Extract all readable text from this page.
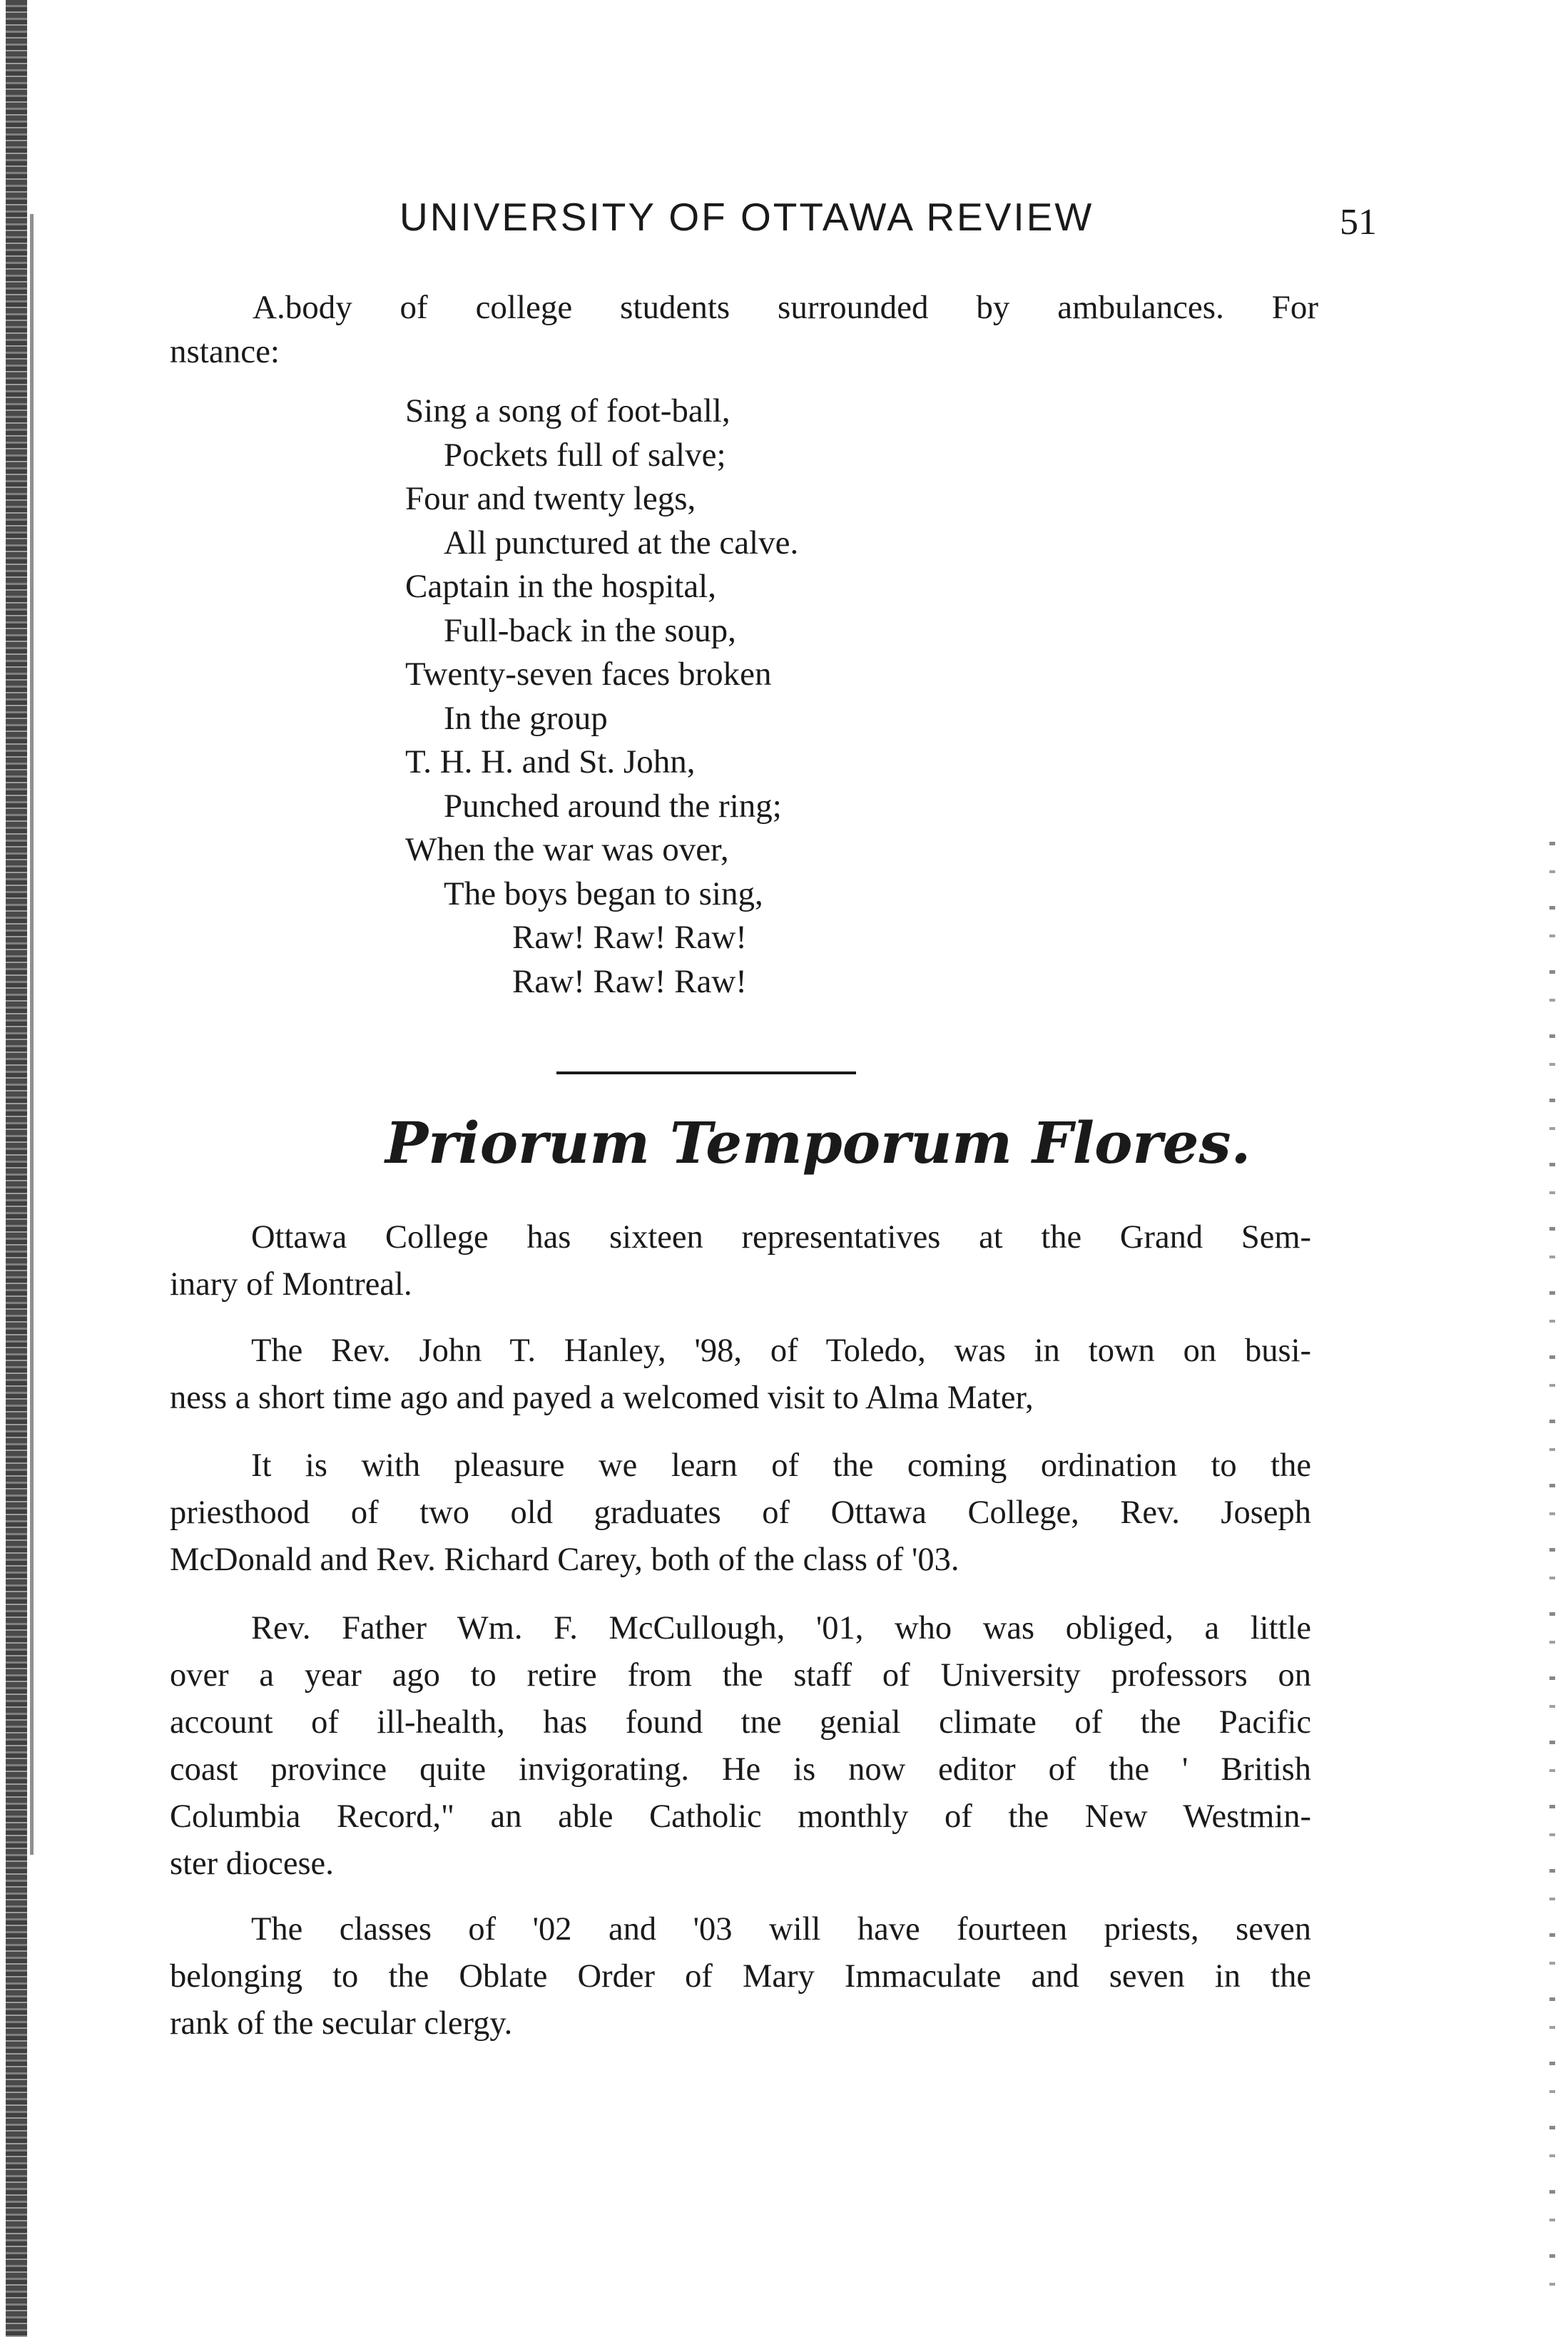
UNIVERSITY OF OTTAWA REVIEW	51
A.body of college students surrounded by ambulances. For
nstance:
Sing a song of foot-ball,
Pockets full of salve;
Four and twenty legs,
All punctured at the calve.
Captain in the hospital,
Full-back in the soup,
Twenty-seven faces broken
In the group
T. H. H. and St. John,
Punched around the ring;
When the war was over,
The boys began to sing,
Raw! Raw! Raw!
Raw! Raw! Raw!
Priorum Temporum Flores.
Ottawa College has sixteen representatives at the Grand Sem-
inary of Montreal.
The Rev. John T. Hanley, '98, of Toledo, was in town on busi-
ness a short time ago and payed a welcomed visit to Alma Mater,
It is with pleasure we learn of the coming ordination to the
priesthood of two old graduates of Ottawa College, Rev. Joseph
McDonald and Rev. Richard Carey, both of the class of '03.
Rev. Father Wm. F. McCullough, '01, who was obliged, a little
over a year ago to retire from the staff of University professors on
account of ill-health, has found tne genial climate of the Pacific
coast province quite invigorating. He is now editor of the ' British
Columbia Record," an able Catholic monthly of the New Westmin-
ster diocese.
The classes of '02 and '03 will have fourteen priests, seven
belonging to the Oblate Order of Mary Immaculate and seven in the
rank of the secular clergy.
